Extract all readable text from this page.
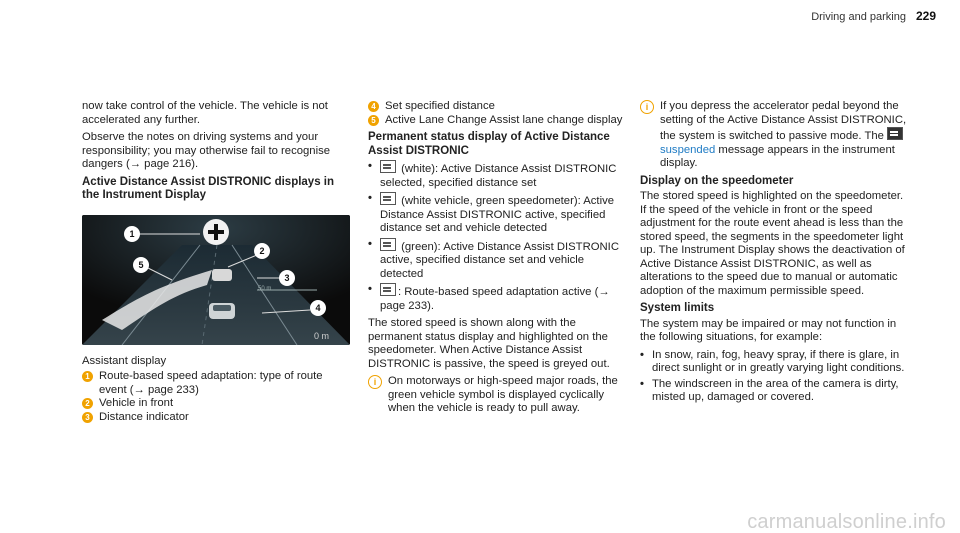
Driving and parking 229

now take control of the vehicle. The vehicle is not accelerated any further.

Observe the notes on driving systems and your responsibility; you may otherwise fail to recognise dangers (→ page 216).

Active Distance Assist DISTRONIC displays in the Instrument Display
0 m
50 m
1
2
3
4
5

Assistant display

1 Route-based speed adaptation: type of route event (→ page 233)
2 Vehicle in front
3 Distance indicator
4 Set specified distance
5 Active Lane Change Assist lane change display
Permanent status display of Active Distance Assist DISTRONIC
•	(white): Active Distance Assist DISTRONIC selected, specified distance set
•	(white vehicle, green speedometer): Active Distance Assist DISTRONIC active, specified distance set and vehicle detected
•	(green): Active Distance Assist DISTRONIC active, specified distance set and vehicle detected
•	: Route-based speed adaptation active (→ page 233).

The stored speed is shown along with the permanent status display and highlighted on the speedometer. When Active Distance Assist DISTRONIC is passive, the speed is greyed out.

i	On motorways or high-speed major roads, the green vehicle symbol is displayed cyclically when the vehicle is ready to pull away.
i	If you depress the accelerator pedal beyond the setting of the Active Distance Assist DISTRONIC, the system is switched to passive mode. The  suspended message appears in the instrument display.
Display on the speedometer

The stored speed is highlighted on the speedometer. If the speed of the vehicle in front or the speed adjustment for the route event ahead is less than the stored speed, the segments in the speedometer light up. The Instrument Display shows the deactivation of Active Distance Assist DISTRONIC, as well as alterations to the speed due to manual or automatic adoption of the maximum permissible speed.

System limits

The system may be impaired or may not function in the following situations, for example:

• In snow, rain, fog, heavy spray, if there is glare, in direct sunlight or in greatly varying light conditions.
• The windscreen in the area of the camera is dirty, misted up, damaged or covered.
carmanualsonline.info
